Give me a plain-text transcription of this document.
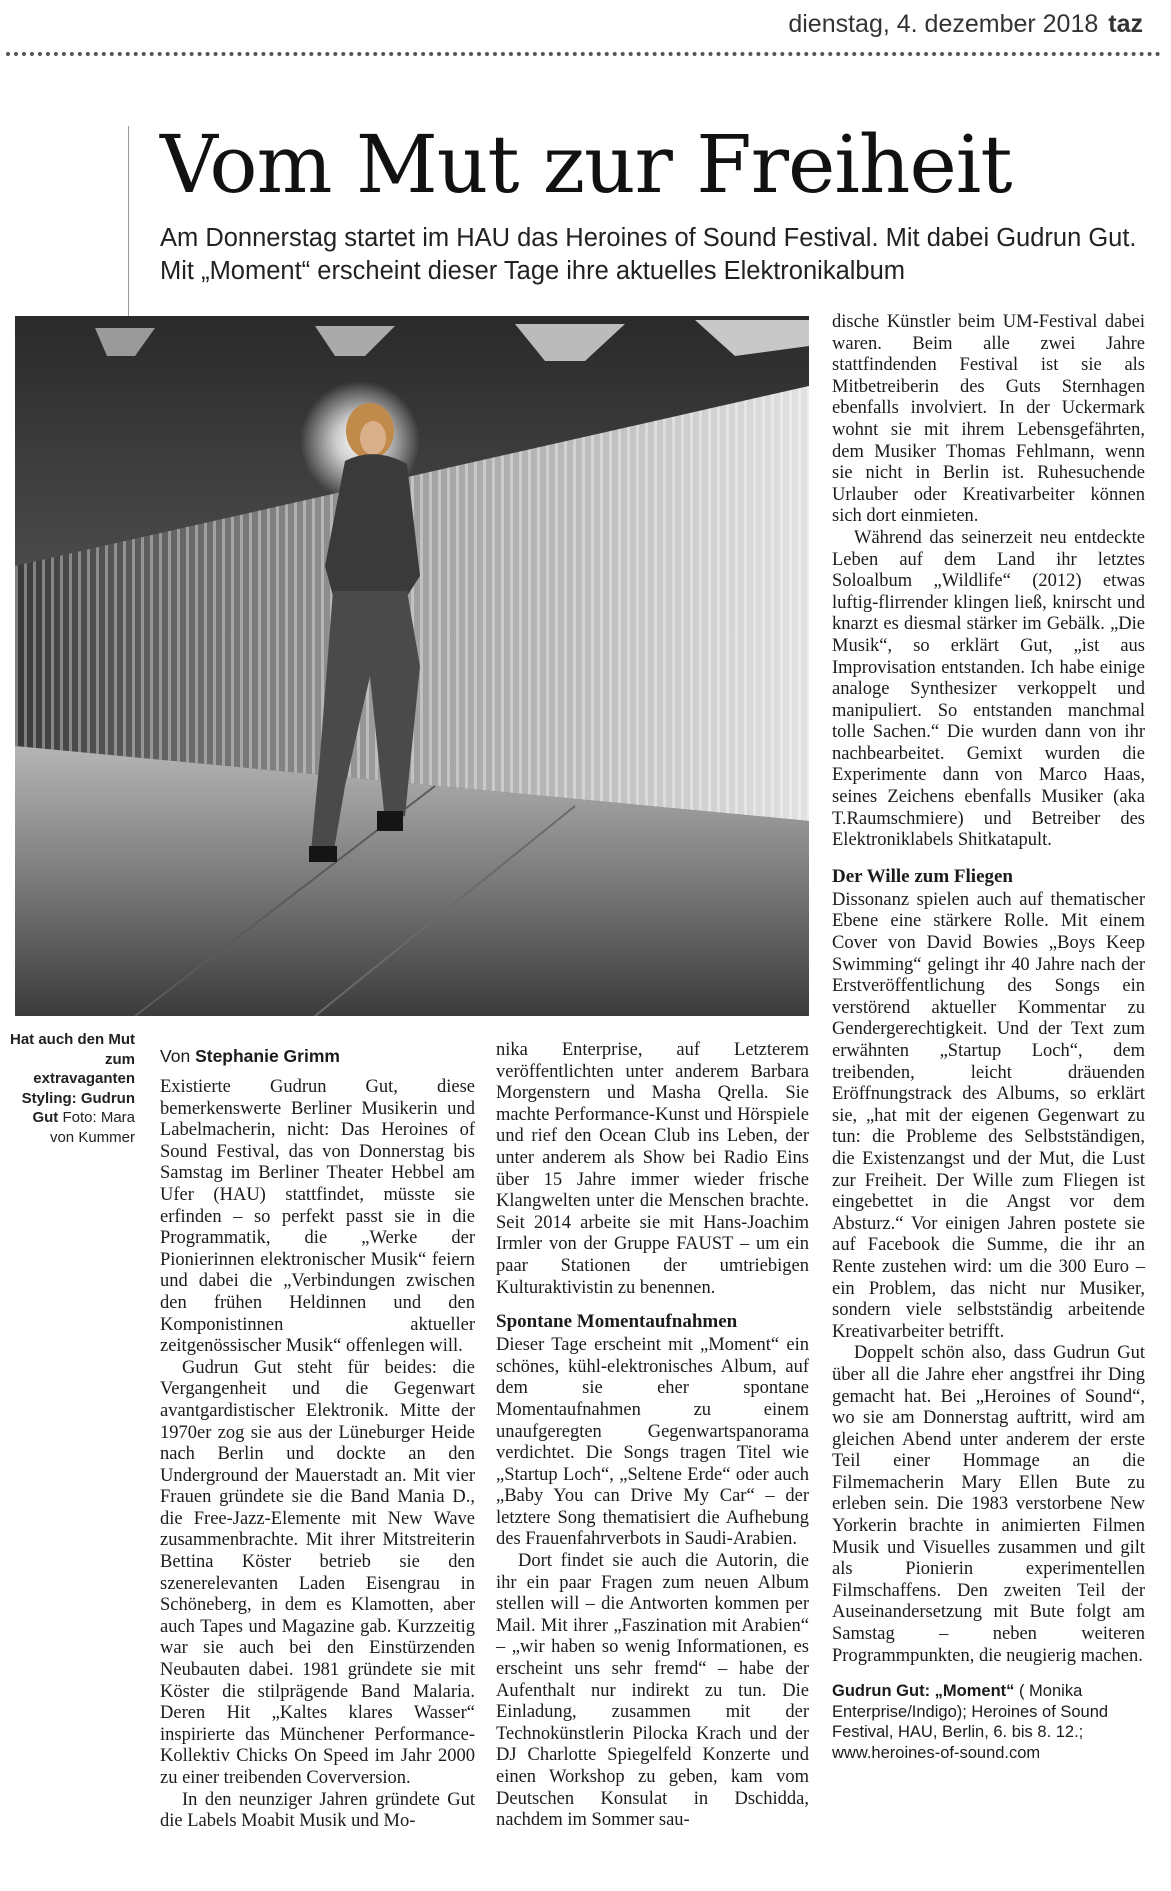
dienstag, 4. dezember 2018 taz
Vom Mut zur Freiheit

Am Donnerstag startet im HAU das Heroines of Sound Festival. Mit dabei Gudrun Gut. Mit „Moment“ erscheint dieser Tage ihre aktuelles Elektronikalbum

Hat auch den Mut zum extravaganten Styling: Gudrun Gut Foto: Mara von Kummer

Von Stephanie Grimm

Existierte Gudrun Gut, diese bemerkenswerte Berliner Musikerin und Labelmacherin, nicht: Das Heroines of Sound Festival, das von Donnerstag bis Samstag im Berliner Theater Hebbel am Ufer (HAU) stattfindet, müsste sie erfinden – so perfekt passt sie in die Programmatik, die „Werke der Pionierinnen elektronischer Musik“ feiern und dabei die „Verbindungen zwischen den frühen Heldinnen und den Komponistinnen aktueller zeitgenössischer Musik“ offenlegen will.

Gudrun Gut steht für beides: die Vergangenheit und die Gegenwart avantgardistischer Elektronik. Mitte der 1970er zog sie aus der Lüneburger Heide nach Berlin und dockte an den Underground der Mauerstadt an. Mit vier Frauen gründete sie die Band Mania D., die Free-Jazz-Elemente mit New Wave zusammenbrachte. Mit ihrer Mitstreiterin Bettina Köster betrieb sie den szenerelevanten Laden Eisengrau in Schöneberg, in dem es Klamotten, aber auch Tapes und Magazine gab. Kurzzeitig war sie auch bei den Einstürzenden Neubauten dabei. 1981 gründete sie mit Köster die stilprägende Band Malaria. Deren Hit „Kaltes klares Wasser“ inspirierte das Münchener Performance-Kollektiv Chicks On Speed im Jahr 2000 zu einer treibenden Coverversion.

In den neunziger Jahren gründete Gut die Labels Moabit Musik und Mo-

nika Enterprise, auf Letzterem veröffentlichten unter anderem Barbara Morgenstern und Masha Qrella. Sie machte Performance-Kunst und Hörspiele und rief den Ocean Club ins Leben, der unter anderem als Show bei Radio Eins über 15 Jahre immer wieder frische Klangwelten unter die Menschen brachte. Seit 2014 arbeite sie mit Hans-Joachim Irmler von der Gruppe FAUST – um ein paar Stationen der umtriebigen Kulturaktivistin zu benennen.

Spontane Momentaufnahmen

Dieser Tage erscheint mit „Moment“ ein schönes, kühl-elektronisches Album, auf dem sie eher spontane Momentaufnahmen zu einem unaufgeregten Gegenwartspanorama verdichtet. Die Songs tragen Titel wie „Startup Loch“, „Seltene Erde“ oder auch „Baby You can Drive My Car“ – der letztere Song thematisiert die Aufhebung des Frauenfahrverbots in Saudi-Arabien.

Dort findet sie auch die Autorin, die ihr ein paar Fragen zum neuen Album stellen will – die Antworten kommen per Mail. Mit ihrer „Faszination mit Arabien“ – „wir haben so wenig Informationen, es erscheint uns sehr fremd“ – habe der Aufenthalt nur indirekt zu tun. Die Einladung, zusammen mit der Technokünstlerin Pilocka Krach und der DJ Charlotte Spiegelfeld Konzerte und einen Workshop zu geben, kam vom Deutschen Konsulat in Dschidda, nachdem im Sommer sau-

dische Künstler beim UM-Festival dabei waren. Beim alle zwei Jahre stattfindenden Festival ist sie als Mitbetreiberin des Guts Sternhagen ebenfalls involviert. In der Uckermark wohnt sie mit ihrem Lebensgefährten, dem Musiker Thomas Fehlmann, wenn sie nicht in Berlin ist. Ruhesuchende Urlauber oder Kreativarbeiter können sich dort einmieten.

Während das seinerzeit neu entdeckte Leben auf dem Land ihr letztes Soloalbum „Wildlife“ (2012) etwas luftig-flirrender klingen ließ, knirscht und knarzt es diesmal stärker im Gebälk. „Die Musik“, so erklärt Gut, „ist aus Improvisation entstanden. Ich habe einige analoge Synthesizer verkoppelt und manipuliert. So entstanden manchmal tolle Sachen.“ Die wurden dann von ihr nachbearbeitet. Gemixt wurden die Experimente dann von Marco Haas, seines Zeichens ebenfalls Musiker (aka T.Raumschmiere) und Betreiber des Elektroniklabels Shitkatapult.

Der Wille zum Fliegen

Dissonanz spielen auch auf thematischer Ebene eine stärkere Rolle. Mit einem Cover von David Bowies „Boys Keep Swimming“ gelingt ihr 40 Jahre nach der Erstveröffentlichung des Songs ein verstörend aktueller Kommentar zu Gendergerechtigkeit. Und der Text zum erwähnten „Startup Loch“, dem treibenden, leicht dräuenden Eröffnungstrack des Albums, so erklärt sie, „hat mit der eigenen Gegenwart zu tun: die Probleme des Selbstständigen, die Existenzangst und der Mut, die Lust zur Freiheit. Der Wille zum Fliegen ist eingebettet in die Angst vor dem Absturz.“ Vor einigen Jahren postete sie auf Facebook die Summe, die ihr an Rente zustehen wird: um die 300 Euro – ein Problem, das nicht nur Musiker, sondern viele selbstständig arbeitende Kreativarbeiter betrifft.

Doppelt schön also, dass Gudrun Gut über all die Jahre eher angstfrei ihr Ding gemacht hat. Bei „Heroines of Sound“, wo sie am Donnerstag auftritt, wird am gleichen Abend unter anderem der erste Teil einer Hommage an die Filmemacherin Mary Ellen Bute zu erleben sein. Die 1983 verstorbene New Yorkerin brachte in animierten Filmen Musik und Visuelles zusammen und gilt als Pionierin experimentellen Filmschaffens. Den zweiten Teil der Auseinandersetzung mit Bute folgt am Samstag – neben weiteren Programmpunkten, die neugierig machen.

Gudrun Gut: „Moment“ ( Monika Enterprise/Indigo); Heroines of Sound Festival, HAU, Berlin, 6. bis 8. 12.; www.heroines-of-sound.com
